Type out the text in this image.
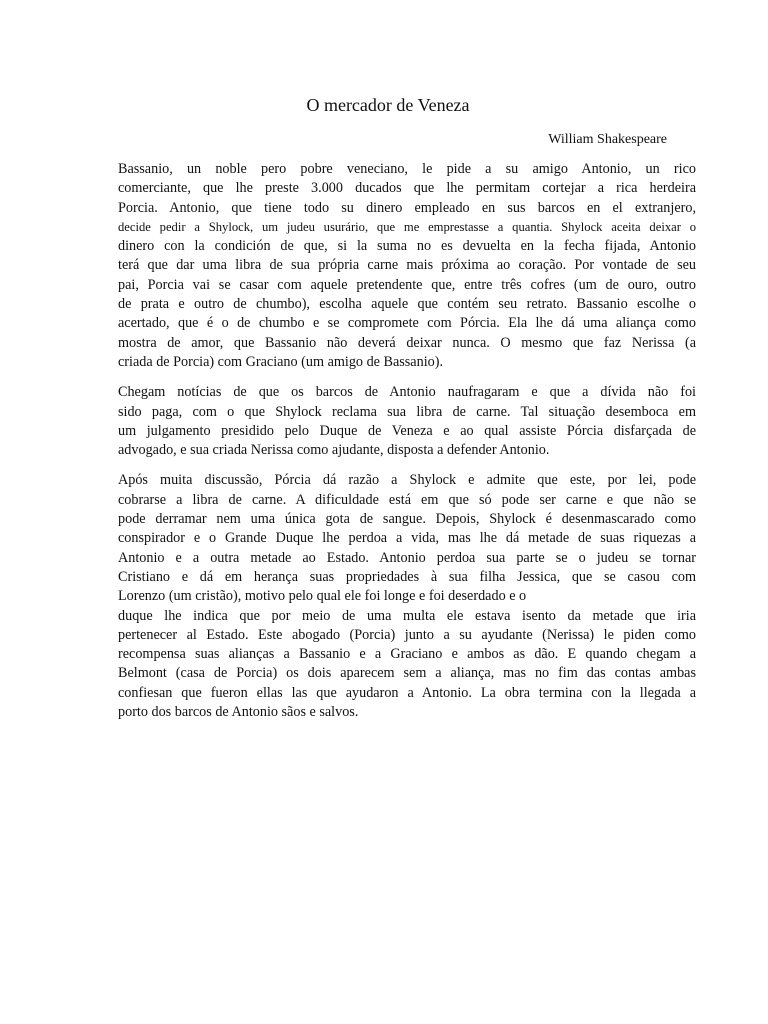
O mercador de Veneza

William Shakespeare

Bassanio, un noble pero pobre veneciano, le pide a su amigo Antonio, un rico
comerciante, que lhe preste 3.000 ducados que lhe permitam cortejar a rica herdeira
Porcia. Antonio, que tiene todo su dinero empleado en sus barcos en el extranjero,
decide pedir a Shylock, um judeu usurário, que me emprestasse a quantia. Shylock aceita deixar o
dinero con la condición de que, si la suma no es devuelta en la fecha fijada, Antonio
terá que dar uma libra de sua própria carne mais próxima ao coração. Por vontade de seu
pai, Porcia vai se casar com aquele pretendente que, entre três cofres (um de ouro, outro
de prata e outro de chumbo), escolha aquele que contém seu retrato. Bassanio escolhe o
acertado, que é o de chumbo e se compromete com Pórcia. Ela lhe dá uma aliança como
mostra de amor, que Bassanio não deverá deixar nunca. O mesmo que faz Nerissa (a
criada de Porcia) com Graciano (um amigo de Bassanio).
Chegam notícias de que os barcos de Antonio naufragaram e que a dívida não foi
sido paga, com o que Shylock reclama sua libra de carne. Tal situação desemboca em
um julgamento presidido pelo Duque de Veneza e ao qual assiste Pórcia disfarçada de
advogado, e sua criada Nerissa como ajudante, disposta a defender Antonio.
Após muita discussão, Pórcia dá razão a Shylock e admite que este, por lei, pode
cobrarse a libra de carne. A dificuldade está em que só pode ser carne e que não se
pode derramar nem uma única gota de sangue. Depois, Shylock é desenmascarado como
conspirador e o Grande Duque lhe perdoa a vida, mas lhe dá metade de suas riquezas a
Antonio e a outra metade ao Estado. Antonio perdoa sua parte se o judeu se tornar
Cristiano e dá em herança suas propriedades à sua filha Jessica, que se casou com
Lorenzo (um cristão), motivo pelo qual ele foi longe e foi deserdado e o
duque lhe indica que por meio de uma multa ele estava isento da metade que iria
pertenecer al Estado. Este abogado (Porcia) junto a su ayudante (Nerissa) le piden como
recompensa suas alianças a Bassanio e a Graciano e ambos as dão. E quando chegam a
Belmont (casa de Porcia) os dois aparecem sem a aliança, mas no fim das contas ambas
confiesan que fueron ellas las que ayudaron a Antonio. La obra termina con la llegada a
porto dos barcos de Antonio sãos e salvos.
